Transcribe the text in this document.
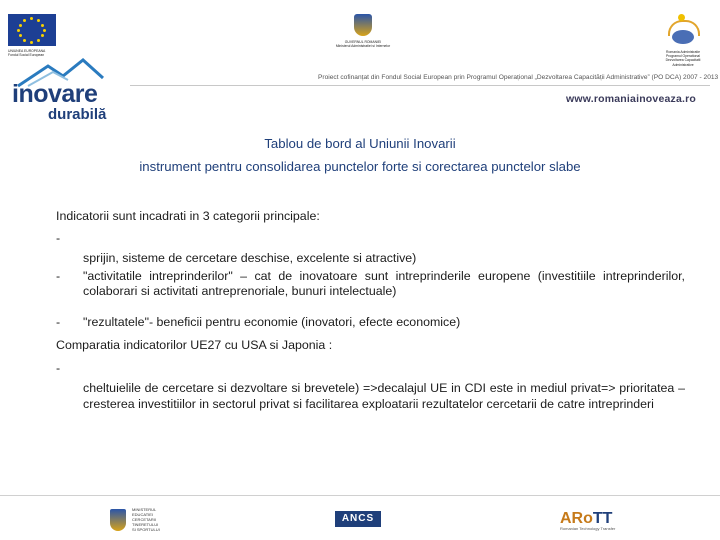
UNIUNEA EUROPEANA
Fondul Social European
inovare
durabilă
GUVERNUL ROMANIEI
Ministerul Administratiei si Internelor
Romania Administratie
Programul Operational
Dezvoltarea Capacitatii
Administrative
Proiect cofinanțat din Fondul Social European prin Programul Operațional „Dezvoltarea Capacității Administrative” (PO DCA) 2007 - 2013
www.romaniainoveaza.ro
Tablou de bord al Uniunii Inovarii
instrument pentru consolidarea punctelor forte si corectarea punctelor slabe
Indicatorii sunt incadrati in 3 categorii principale:
-
sprijin, sisteme de cercetare deschise, excelente si atractive)
- "activitatile intreprinderilor" – cat de inovatoare sunt intreprinderile europene (investitiile intreprinderilor, colaborari si activitati antreprenoriale, bunuri intelectuale)
- "rezultatele"- beneficii pentru economie (inovatori, efecte economice)
Comparatia indicatorilor UE27 cu USA si Japonia :
-
cheltuielile de cercetare si dezvoltare si brevetele) =>decalajul UE in CDI este in mediul privat=> prioritatea – cresterea investitiilor in sectorul privat si facilitarea exploatarii rezultatelor cercetarii de catre intreprinderi
MINISTERUL
EDUCATIEI
CERCETARII
TINERETULUI
SI SPORTULUI
ANCS	ARoTT
Romanian Technology Transfer
